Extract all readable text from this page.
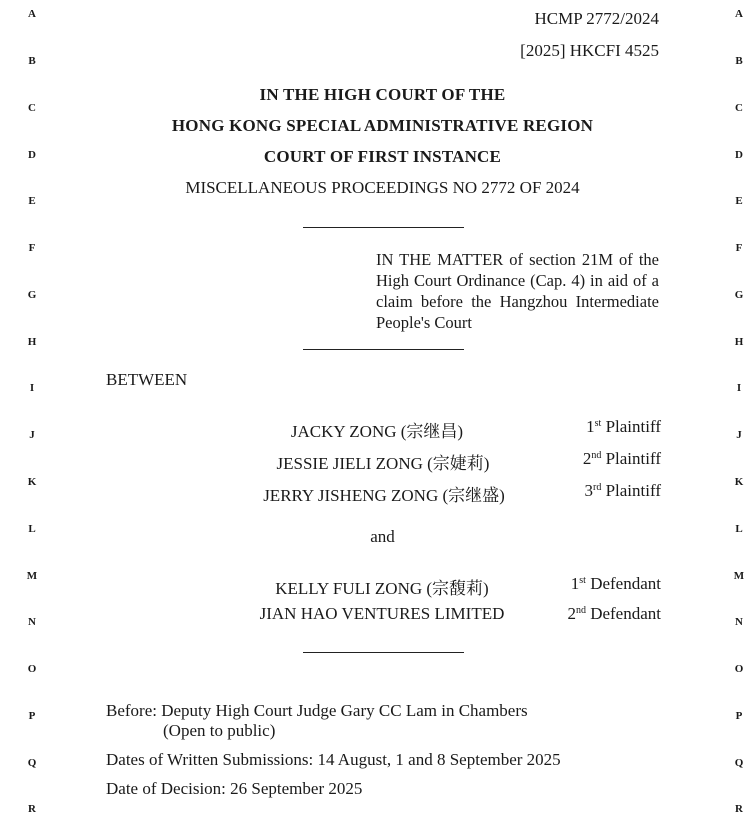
A
B
C
D
E
F
G
H
I
J
K
L
M
N
O
P
Q
R
A
B
C
D
E
F
G
H
I
J
K
L
M
N
O
P
Q
R
HCMP 2772/2024
[2025] HKCFI 4525
IN THE HIGH COURT OF THE
HONG KONG SPECIAL ADMINISTRATIVE REGION
COURT OF FIRST INSTANCE
MISCELLANEOUS PROCEEDINGS NO 2772 OF 2024
IN THE MATTER of section 21M of the High Court Ordinance (Cap. 4) in aid of a claim before the Hangzhou Intermediate People's Court
BETWEEN
JACKY ZONG (宗继昌)	1st Plaintiff
JESSIE JIELI ZONG (宗婕莉)	2nd Plaintiff
JERRY JISHENG ZONG (宗继盛)	3rd Plaintiff
and
KELLY FULI ZONG (宗馥莉)	1st Defendant
JIAN HAO VENTURES LIMITED	2nd Defendant
Before: Deputy High Court Judge Gary CC Lam in Chambers
(Open to public)
Dates of Written Submissions: 14 August, 1 and 8 September 2025
Date of Decision: 26 September 2025
